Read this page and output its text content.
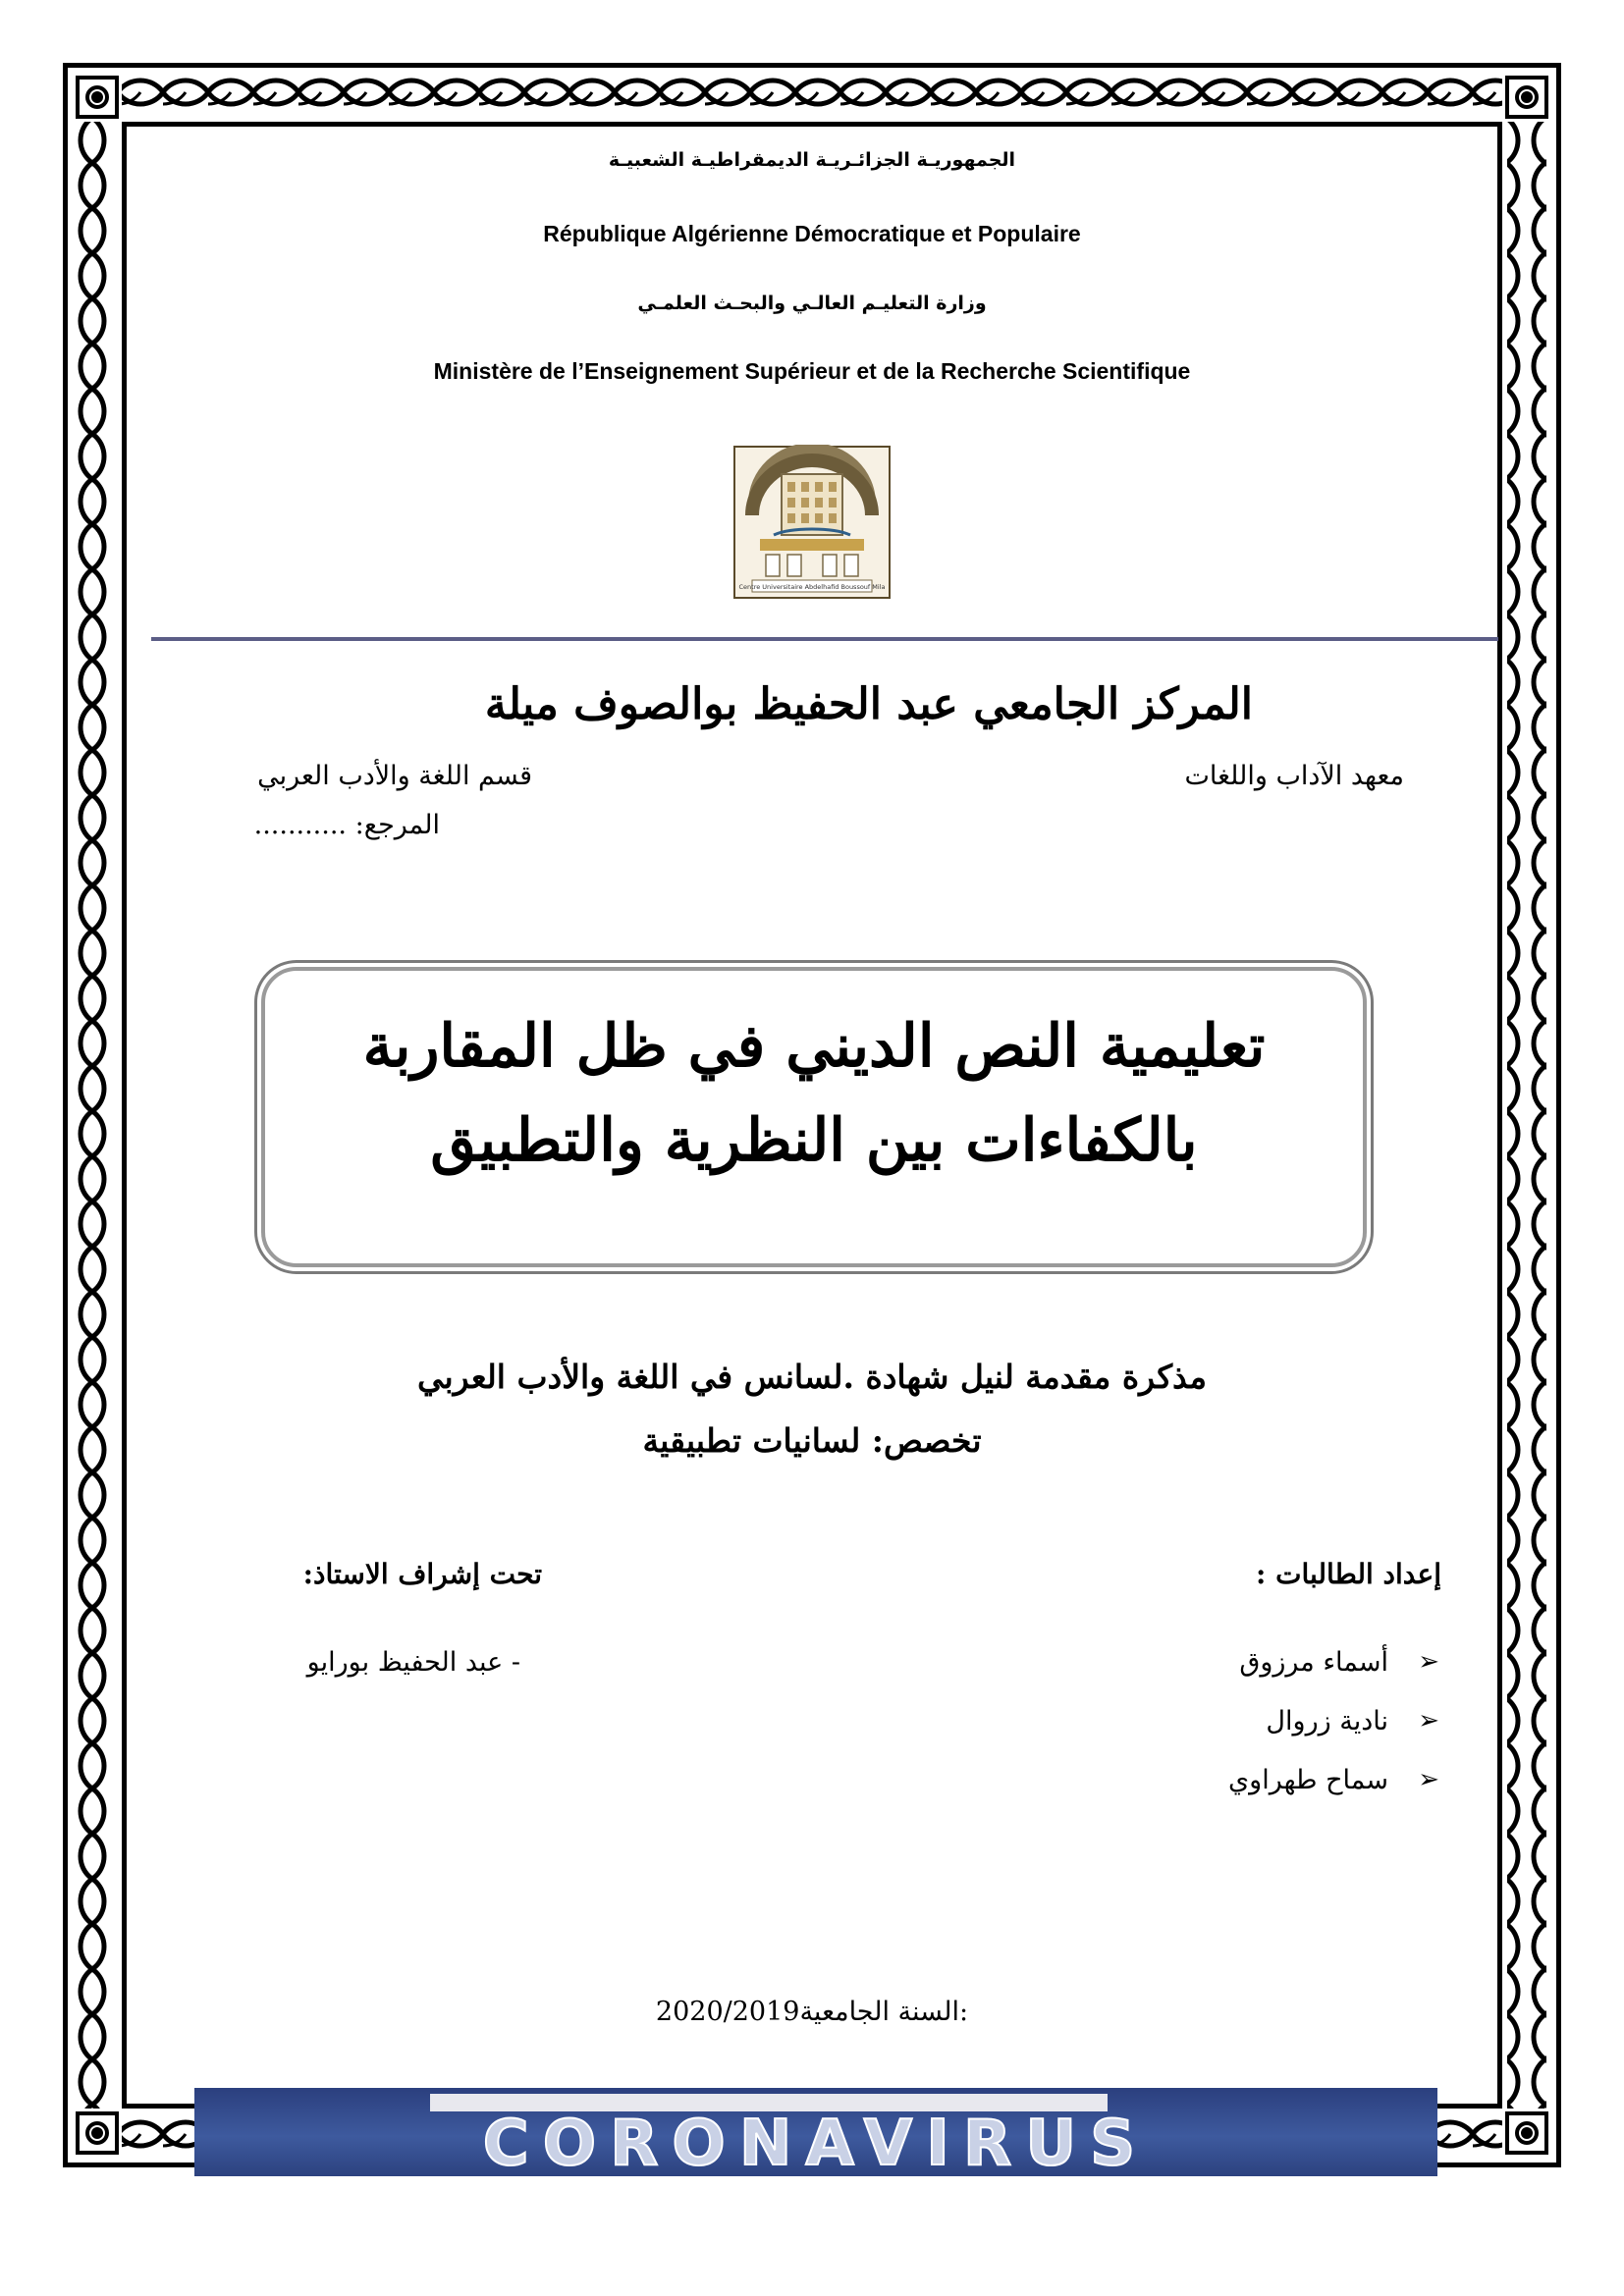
الجمهوريـة الجزائـريـة الديمقراطيـة الشعبيـة
République Algérienne Démocratique et Populaire
وزارة التعليـم العالـي والبحـث العلمـي
Ministère de l’Enseignement Supérieur et de la Recherche Scientifique
Centre Universitaire Abdelhafid Boussouf Mila
المركز الجامعي عبد الحفيظ بوالصوف ميلة
معهد الآداب واللغات
قسم اللغة والأدب العربي
المرجع: ...........
تعليمية النص الديني في ظل المقاربة
بالكفاءات بين النظرية والتطبيق
مذكرة مقدمة لنيل شهادة .لسانس في اللغة والأدب العربي
تخصص: لسانيات تطبيقية
إعداد الطالبات :
تحت إشراف الاستاذ:
أسماء مرزوق
نادية زروال
سماح طهراوي
➢
➢
➢
- عبد الحفيظ بورايو
2020/2019السنة الجامعية:
CORONAVIRUS
